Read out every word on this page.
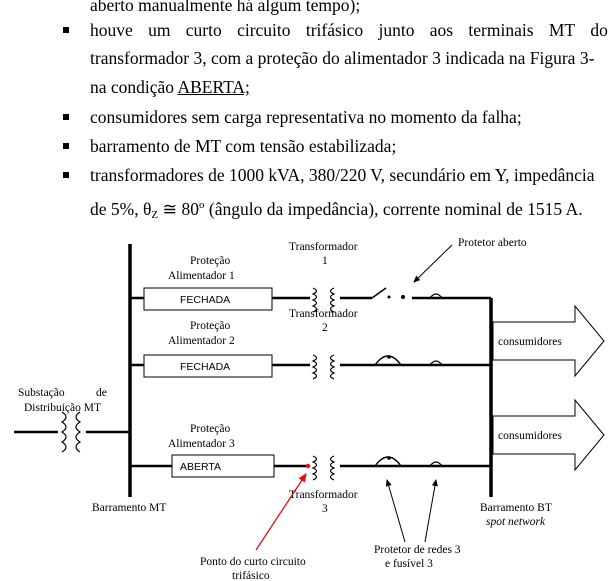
aberto manualmente há algum tempo);
houve um curto circuito trifásico junto aos terminais MT do
transformador 3, com a proteção do alimentador 3 indicada na Figura 3-
na condição ABERTA;
consumidores sem carga representativa no momento da falha;
barramento de MT com tensão estabilizada;
transformadores de 1000 kVA, 380/220 V, secundário em Y, impedância
de 5%, $\theta_Z$ ≅ 80$^o$ (ângulo da impedância), corrente nominal de 1515 A.
FECHADA
FECHADA
ABERTA
consumidores
consumidores
Substação	de
Distribuição MT
Barramento MT	Barramento BT
spot network
Proteção
Alimentador 1
Proteção
Alimentador 2
Proteção
Alimentador 3
Transformador
1
Transformador
2
Transformador
3
Protetor aberto
Ponto do curto circuito
trifásico
Protetor de redes 3
e fusível 3
